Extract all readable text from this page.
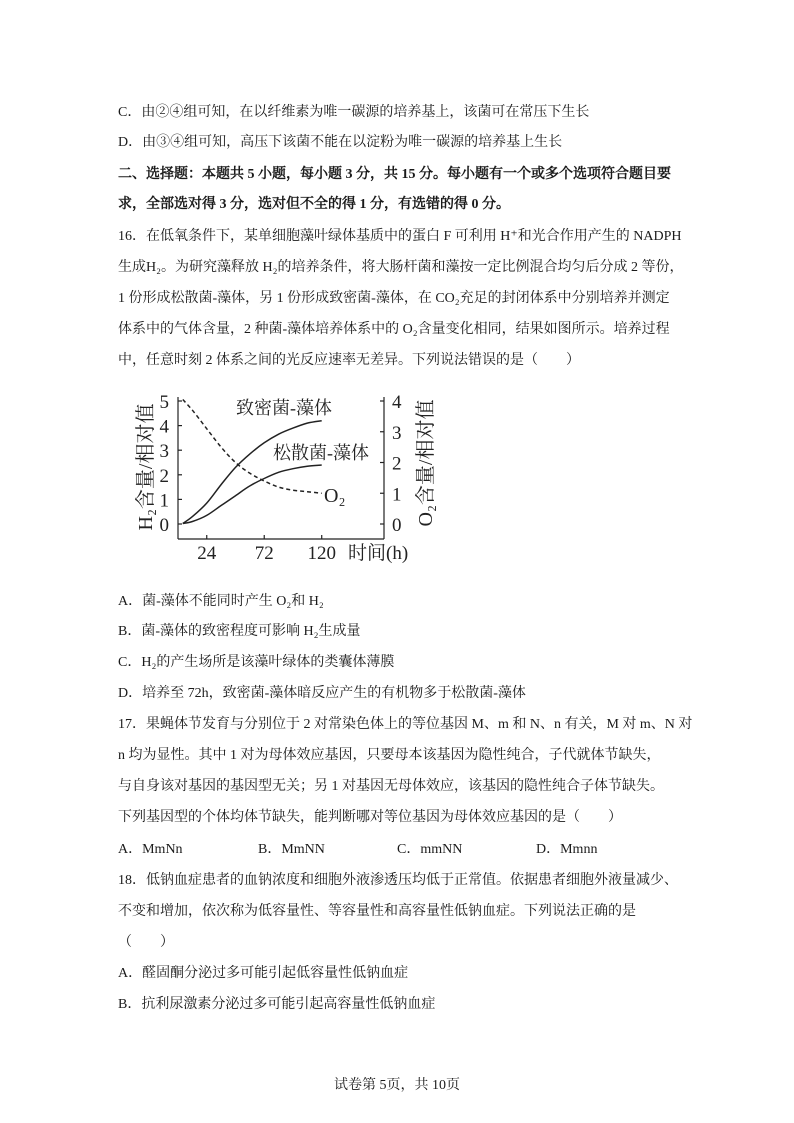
C．由②④组可知，在以纤维素为唯一碳源的培养基上，该菌可在常压下生长
D．由③④组可知，高压下该菌不能在以淀粉为唯一碳源的培养基上生长
二、选择题：本题共 5 小题，每小题 3 分，共 15 分。每小题有一个或多个选项符合题目要
求，全部选对得 3 分，选对但不全的得 1 分，有选错的得 0 分。
16．在低氧条件下，某单细胞藻叶绿体基质中的蛋白 F 可利用 H⁺和光合作用产生的 NADPH
生成H₂。为研究藻释放 H₂的培养条件，将大肠杆菌和藻按一定比例混合均匀后分成 2 等份，
1 份形成松散菌-藻体，另 1 份形成致密菌-藻体，在 CO₂充足的封闭体系中分别培养并测定
体系中的气体含量，2 种菌-藻体培养体系中的 O₂含量变化相同，结果如图所示。培养过程
中，任意时刻 2 体系之间的光反应速率无差异。下列说法错误的是（　　）
H₂含量/相对值	O₂含量/相对值
时间(h)
致密菌-藻体
松散菌-藻体
O₂
0
1
2
3
4
5
0
1
2
3
4
24 72 120
A．菌-藻体不能同时产生 O₂和 H₂
B．菌-藻体的致密程度可影响 H₂生成量
C．H₂的产生场所是该藻叶绿体的类囊体薄膜
D．培养至 72h，致密菌-藻体暗反应产生的有机物多于松散菌-藻体
17．果蝇体节发育与分别位于 2 对常染色体上的等位基因 M、m 和 N、n 有关，M 对 m、N 对
n 均为显性。其中 1 对为母体效应基因，只要母本该基因为隐性纯合，子代就体节缺失，
与自身该对基因的基因型无关；另 1 对基因无母体效应，该基因的隐性纯合子体节缺失。
下列基因型的个体均体节缺失，能判断哪对等位基因为母体效应基因的是（　　）
A．MmNn	B．MmNN	C．mmNN	D．Mmnn
18．低钠血症患者的血钠浓度和细胞外液渗透压均低于正常值。依据患者细胞外液量减少、
不变和增加，依次称为低容量性、等容量性和高容量性低钠血症。下列说法正确的是
（　　）
A．醛固酮分泌过多可能引起低容量性低钠血症
B．抗利尿激素分泌过多可能引起高容量性低钠血症
试卷第 5页，共 10页
